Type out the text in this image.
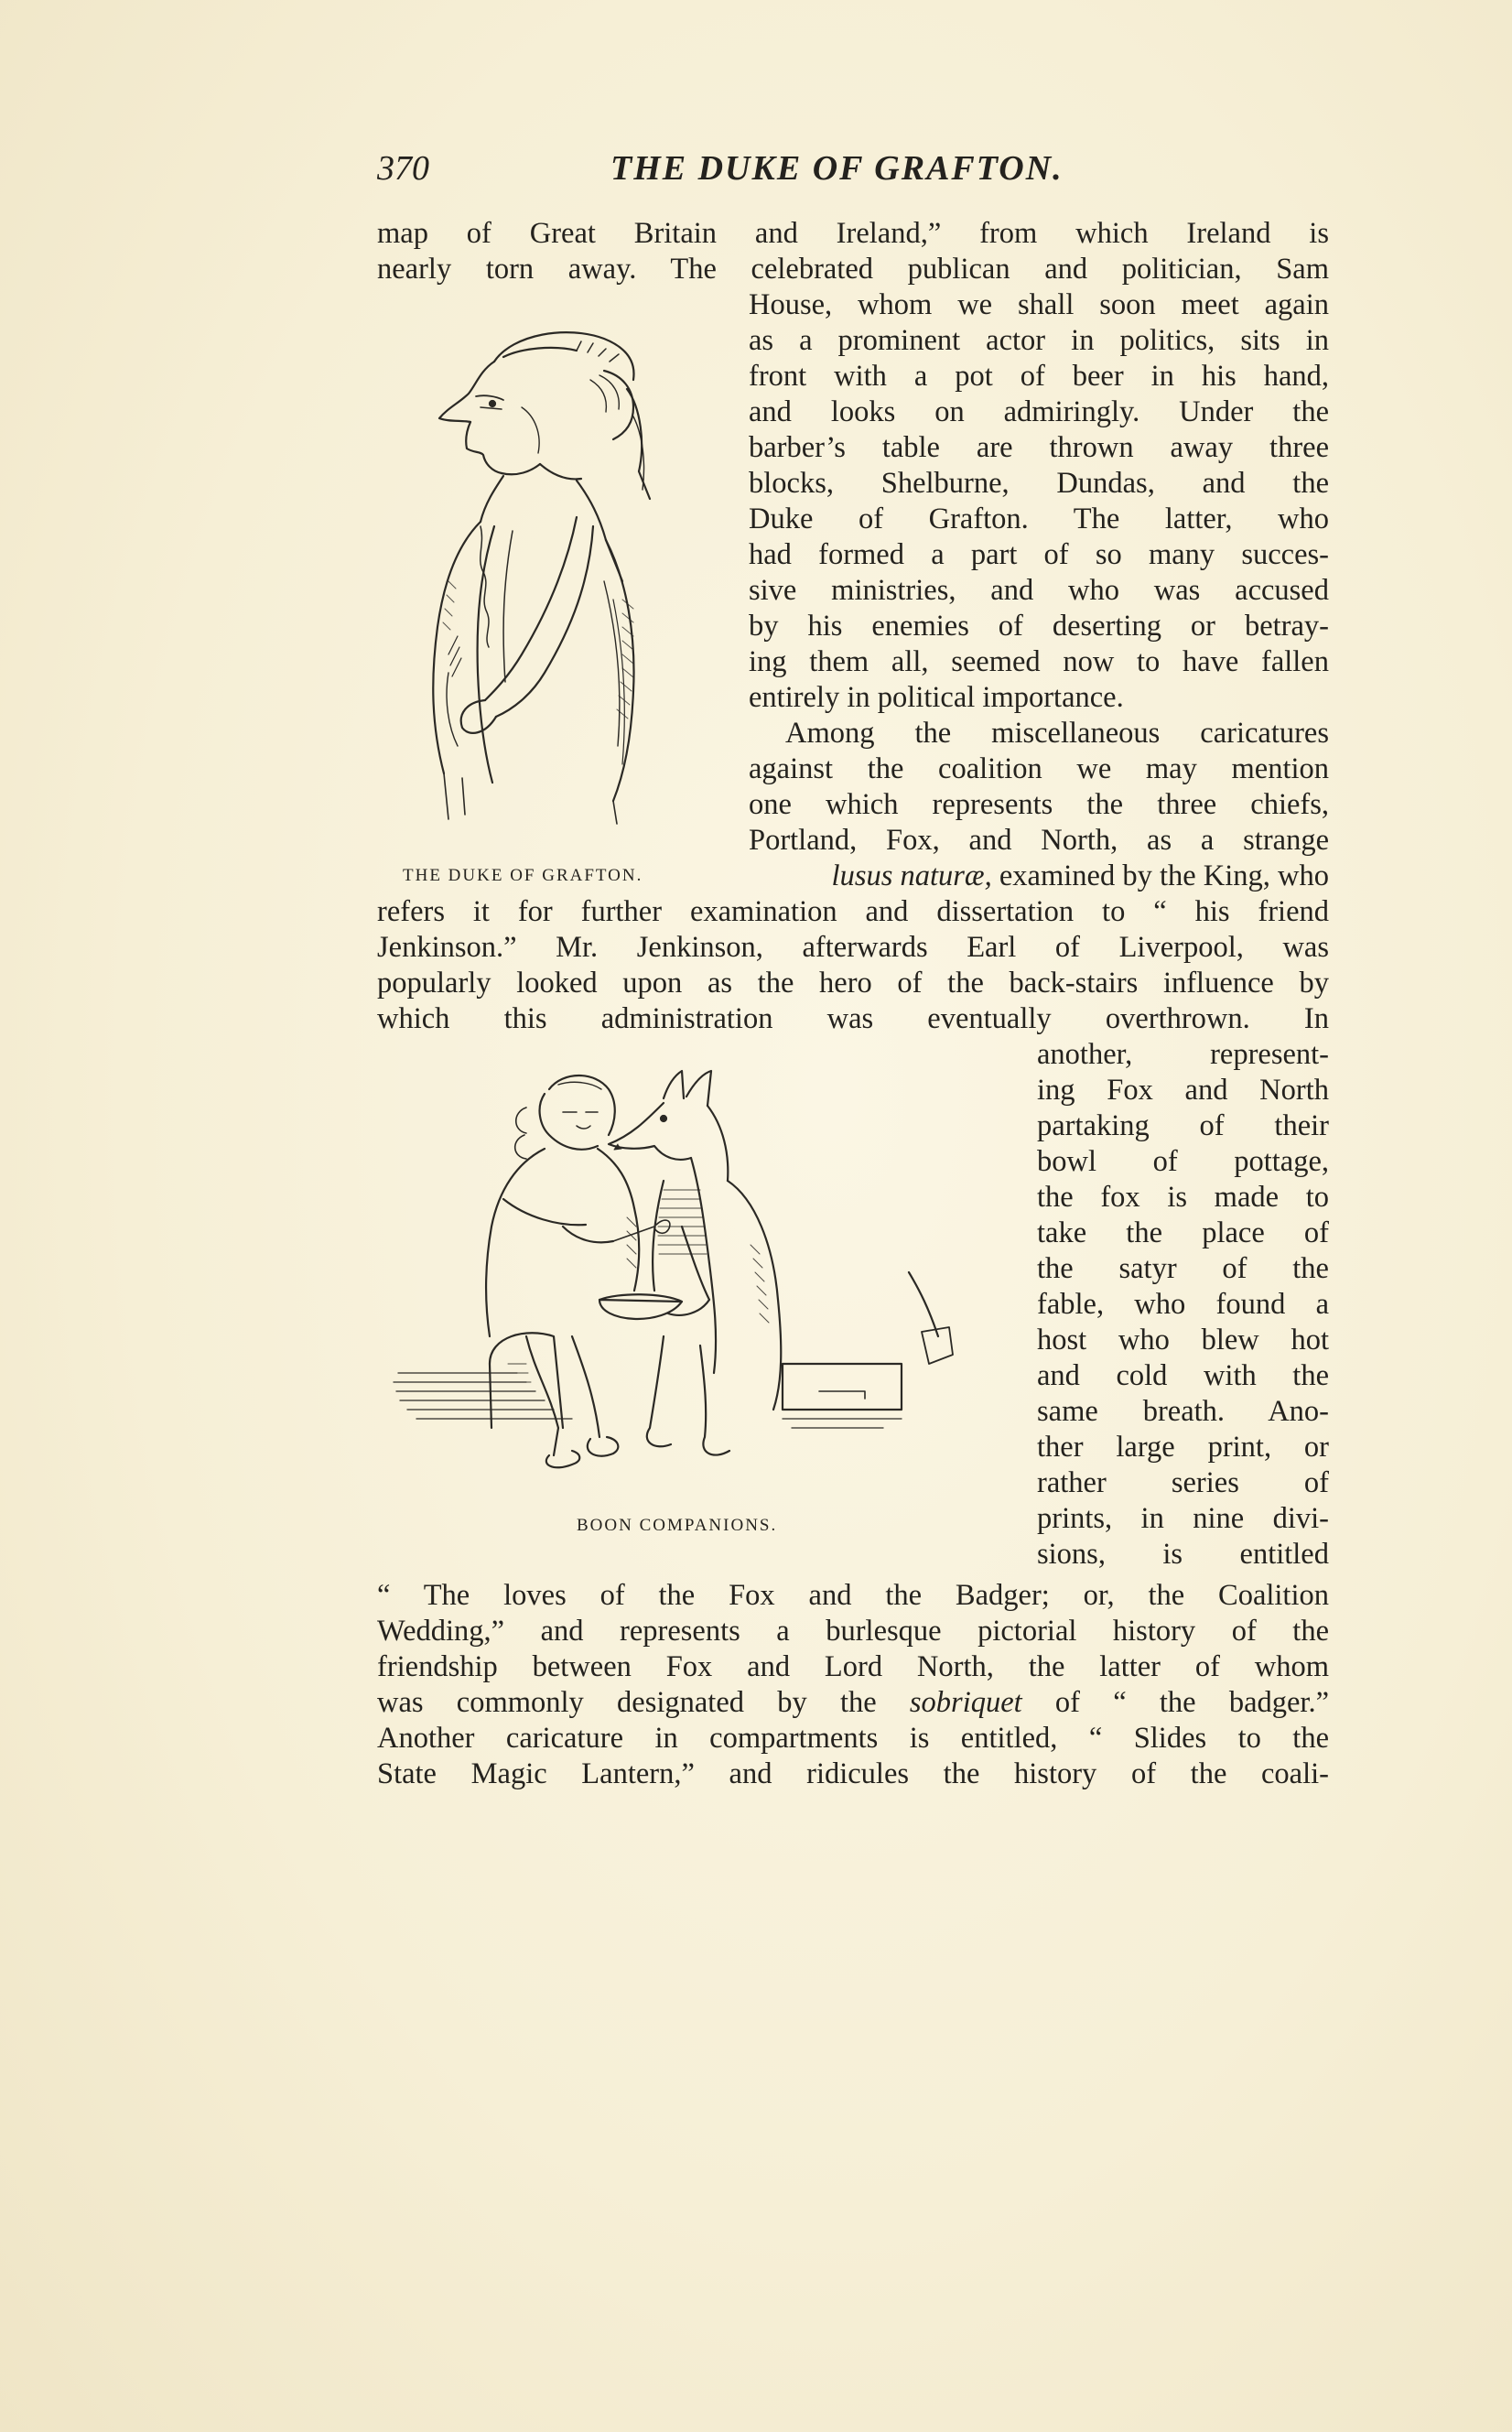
370	THE DUKE OF GRAFTON.
map of Great Britain and Ireland,” from which Ireland is
nearly torn away. The celebrated publican and politician, Sam
House, whom we shall soon meet again
as a prominent actor in politics, sits in
front with a pot of beer in his hand,
and looks on admiringly. Under the
barber’s table are thrown away three
blocks, Shelburne, Dundas, and the
Duke of Grafton. The latter, who
had formed a part of so many succes-
sive ministries, and who was accused
by his enemies of deserting or betray-
ing them all, seemed now to have fallen
entirely in political importance.
Among the miscellaneous caricatures
against the coalition we may mention
one which represents the three chiefs,
Portland, Fox, and North, as a strange
THE DUKE OF GRAFTON.	lusus naturæ, examined by the King, who
refers it for further examination and dissertation to “ his friend
Jenkinson.” Mr. Jenkinson, afterwards Earl of Liverpool, was
popularly looked upon as the hero of the back-stairs influence by
which this administration was eventually overthrown. In
another, represent-
ing Fox and North
partaking of their
bowl of pottage,
the fox is made to
take the place of
the satyr of the
fable, who found a
host who blew hot
and cold with the
same breath. Ano-
ther large print, or
rather series of
prints, in nine divi-
sions, is entitled
BOON COMPANIONS.
“ The loves of the Fox and the Badger; or, the Coalition
Wedding,” and represents a burlesque pictorial history of the
friendship between Fox and Lord North, the latter of whom
was commonly designated by the sobriquet of “ the badger.”
Another caricature in compartments is entitled, “ Slides to the
State Magic Lantern,” and ridicules the history of the coali-
